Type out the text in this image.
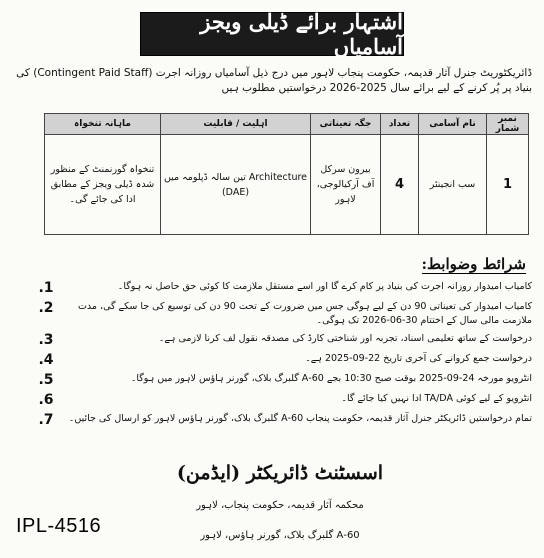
اشتہار برائے ڈیلی ویجز آسامیاں
ڈائریکٹوریٹ جنرل آثار قدیمہ، حکومت پنجاب لاہور میں درج ذیل آسامیاں روزانہ اجرت (Contingent Paid Staff) کی بنیاد پر پُر کرنے کے لیے برائے سال 2025-2026 درخواستیں مطلوب ہیں
نمبر شمار	نام آسامی	تعداد	جگہ تعیناتی	اہلیت / قابلیت	ماہانہ تنخواہ
1	سب انجینئر	4	بیرون سرکل آف آرکیالوجی، لاہور	Architecture تین سالہ ڈپلومہ میں (DAE)	تنخواہ گورنمنٹ کے منظور شدہ ڈیلی ویجز کے مطابق ادا کی جائے گی۔
شرائط وضوابط:
کامیاب امیدوار روزانہ اجرت کی بنیاد پر کام کرے گا اور اسے مستقل ملازمت کا کوئی حق حاصل نہ ہوگا۔
1.
کامیاب امیدوار کی تعیناتی 90 دن کے لیے ہوگی جس میں ضرورت کے تحت 90 دن کی توسیع کی جا سکے گی، مدت ملازمت مالی سال کے اختتام 30-06-2026 تک ہوگی۔
2.
درخواست کے ساتھ تعلیمی اسناد، تجربہ اور شناختی کارڈ کی مصدقہ نقول لف کرنا لازمی ہے۔
3.
درخواست جمع کروانے کی آخری تاریخ 22-09-2025 ہے۔
4.
انٹرویو مورخہ 24-09-2025 بوقت صبح 10:30 بجے 60-A گلبرگ بلاک، گورنر ہاؤس لاہور میں ہوگا۔
5.
انٹرویو کے لیے کوئی TA/DA ادا نہیں کیا جائے گا۔
6.
تمام درخواستیں ڈائریکٹر جنرل آثار قدیمہ، حکومت پنجاب 60-A گلبرگ بلاک، گورنر ہاؤس لاہور کو ارسال کی جائیں۔
7.
اسسٹنٹ ڈائریکٹر (ایڈمن)
محکمہ آثار قدیمہ، حکومت پنجاب، لاہور
60-A گلبرگ بلاک، گورنر ہاؤس، لاہور
IPL-4516
